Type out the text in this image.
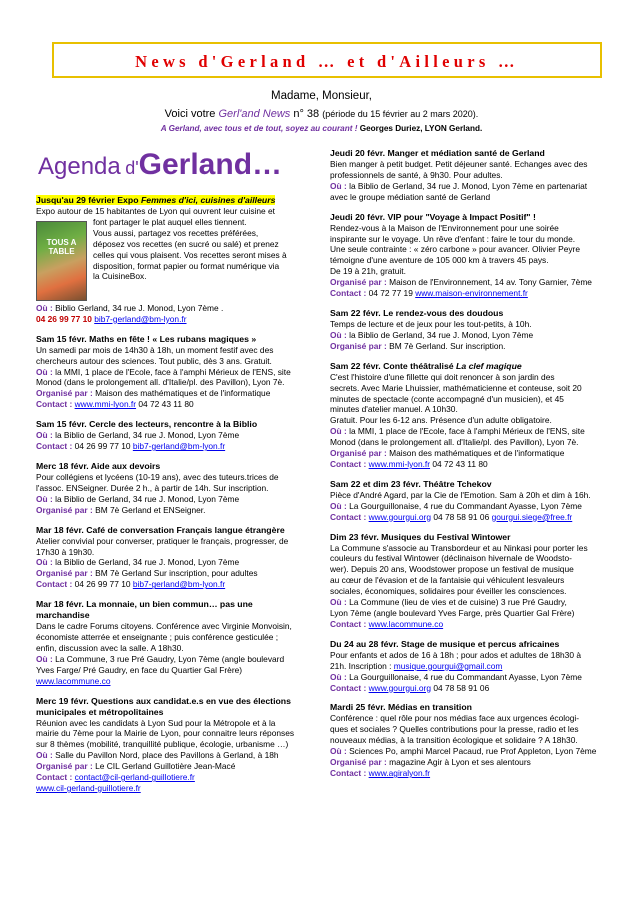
News d'Gerland … et d'Ailleurs …
Madame, Monsieur,
Voici votre Gerl'and News n° 38 (période du 15 février au 2 mars 2020).
A Gerland, avec tous et de tout, soyez au courant ! Georges Duriez, LYON Gerland.
Agenda d'Gerland…

Jusqu'au 29 février Expo Femmes d'ici, cuisines d'ailleurs

Expo autour de 15 habitantes de Lyon qui ouvrent leur cuisine et

TOUS A TABLE

font partager le plat auquel elles tiennent.

Vous aussi, partagez vos recettes préférées,

déposez vos recettes (en sucré ou salé) et prenez

celles qui vous plaisent. Vos recettes seront mises à

disposition, format papier ou format numérique via

la CuisineBox.

Où : Biblio Gerland, 34 rue J. Monod, Lyon 7ème .

04 26 99 77 10 bib7-gerland@bm-lyon.fr

Sam 15 févr. Maths en fête ! « Les rubans magiques »

Un samedi par mois de 14h30 à 18h, un moment festif avec des

chercheurs autour des sciences. Tout public, dès 3 ans. Gratuit.

Où : la MMI, 1 place de l'Ecole, face à l'amphi Mérieux de l'ENS, site

Monod (dans le prolongement all. d'Italie/pl. des Pavillon), Lyon 7è.

Organisé par : Maison des mathématiques et de l'informatique

Contact : www.mmi-lyon.fr 04 72 43 11 80

Sam 15 févr. Cercle des lecteurs, rencontre à la Biblio

Où : la Biblio de Gerland, 34 rue J. Monod, Lyon 7ème

Contact : 04 26 99 77 10 bib7-gerland@bm-lyon.fr

Merc 18 févr. Aide aux devoirs

Pour collégiens et lycéens (10-19 ans), avec des tuteurs.trices de

l'assoc. ENSeigner. Durée 2 h., à partir de 14h. Sur inscription.

Où : la Biblio de Gerland, 34 rue J. Monod, Lyon 7ème

Organisé par : BM 7è Gerland et ENSeigner.

Mar 18 févr. Café de conversation Français langue étrangère

Atelier convivial pour converser, pratiquer le français, progresser, de

17h30 à 19h30.

Où : la Biblio de Gerland, 34 rue J. Monod, Lyon 7ème

Organisé par : BM 7è Gerland Sur inscription, pour adultes

Contact : 04 26 99 77 10 bib7-gerland@bm-lyon.fr

Mar 18 févr. La monnaie, un bien commun… pas une marchandise

Dans le cadre Forums citoyens. Conférence avec Virginie Monvoisin,

économiste atterrée et enseignante ; puis conférence gesticulée ;

enfin, discussion avec la salle. A 18h30.

Où : La Commune, 3 rue Pré Gaudry, Lyon 7ème (angle boulevard

Yves Farge/ Pré Gaudry, en face du Quartier Gal Frère)

www.lacommune.co

Merc 19 févr. Questions aux candidat.e.s en vue des élections municipales et métropolitaines

Réunion avec les candidats à Lyon Sud pour la Métropole et à la

mairie du 7ème pour la Mairie de Lyon, pour connaitre leurs réponses

sur 8 thèmes (mobilité, tranquillité publique, écologie, urbanisme …)

Où : Salle du Pavillon Nord, place des Pavillons à Gerland, à 18h

Organisé par : Le CIL Gerland Guillotière Jean-Macé

Contact : contact@cil-gerland-guillotiere.fr

www.cil-gerland-guillotiere.fr

Jeudi 20 févr. Manger et médiation santé de Gerland

Bien manger à petit budget. Petit déjeuner santé. Echanges avec des

professionnels de santé, à 9h30. Pour adultes.

Où : la Biblio de Gerland, 34 rue J. Monod, Lyon 7ème en partenariat

avec le groupe médiation santé de Gerland

Jeudi 20 févr. VIP pour "Voyage à Impact Positif" !

Rendez-vous à la Maison de l'Environnement pour une soirée

inspirante sur le voyage. Un rêve d'enfant : faire le tour du monde.

Une seule contrainte : « zéro carbone » pour avancer. Olivier Peyre

témoigne d'une aventure de 105 000 km à travers 45 pays.

De 19 à 21h, gratuit.

Organisé par : Maison de l'Environnement, 14 av. Tony Garnier, 7ème

Contact : 04 72 77 19 www.maison-environnement.fr

Sam 22 févr. Le rendez-vous des doudous

Temps de lecture et de jeux pour les tout-petits, à 10h.

Où : la Biblio de Gerland, 34 rue J. Monod, Lyon 7ème

Organisé par : BM 7è Gerland. Sur inscription.

Sam 22 févr. Conte théâtralisé La clef magique

C'est l'histoire d'une fillette qui doit renoncer à son jardin des

secrets. Avec Marie Lhuissier, mathématicienne et conteuse, soit 20

minutes de spectacle (conte accompagné d'un musicien), et 45

minutes d'atelier manuel. A 10h30.

Gratuit. Pour les 6-12 ans. Présence d'un adulte obligatoire.

Où : la MMI, 1 place de l'Ecole, face à l'amphi Mérieux de l'ENS, site

Monod (dans le prolongement all. d'Italie/pl. des Pavillon), Lyon 7è.

Organisé par : Maison des mathématiques et de l'informatique

Contact : www.mmi-lyon.fr 04 72 43 11 80

Sam 22 et dim 23 févr. Théâtre Tchekov

Pièce d'André Agard, par la Cie de l'Emotion. Sam à 20h et dim à 16h.

Où : La Gourguillonaise, 4 rue du Commandant Ayasse, Lyon 7ème

Contact : www.gourgui.org 04 78 58 91 06 gourgui.siege@free.fr

Dim 23 févr. Musiques du Festival Wintower

La Commune s'associe au Transbordeur et au Ninkasi pour porter les

couleurs du festival Wintower (déclinaison hivernale de Woodsto-

wer). Depuis 20 ans, Woodstower propose un festival de musique

au cœur de l'évasion et de la fantaisie qui véhiculent lesvaleurs

sociales, économiques, solidaires pour éveiller les consciences.

Où : La Commune (lieu de vies et de cuisine) 3 rue Pré Gaudry,

Lyon 7ème (angle boulevard Yves Farge, près Quartier Gal Frère)

Contact : www.lacommune.co

Du 24 au 28 févr. Stage de musique et percus africaines

Pour enfants et ados de 16 à 18h ; pour ados et adultes de 18h30 à

21h. Inscription : musique.gourgui@gmail.com

Où : La Gourguillonaise, 4 rue du Commandant Ayasse, Lyon 7ème

Contact : www.gourgui.org 04 78 58 91 06

Mardi 25 févr. Médias en transition

Conférence : quel rôle pour nos médias face aux urgences écologi-

ques et sociales ? Quelles contributions pour la presse, radio et les

nouveaux médias, à la transition écologique et solidaire ? A 18h30.

Où : Sciences Po, amphi Marcel Pacaud, rue Prof Appleton, Lyon 7ème

Organisé par : magazine Agir à Lyon et ses alentours

Contact : www.agiralyon.fr
